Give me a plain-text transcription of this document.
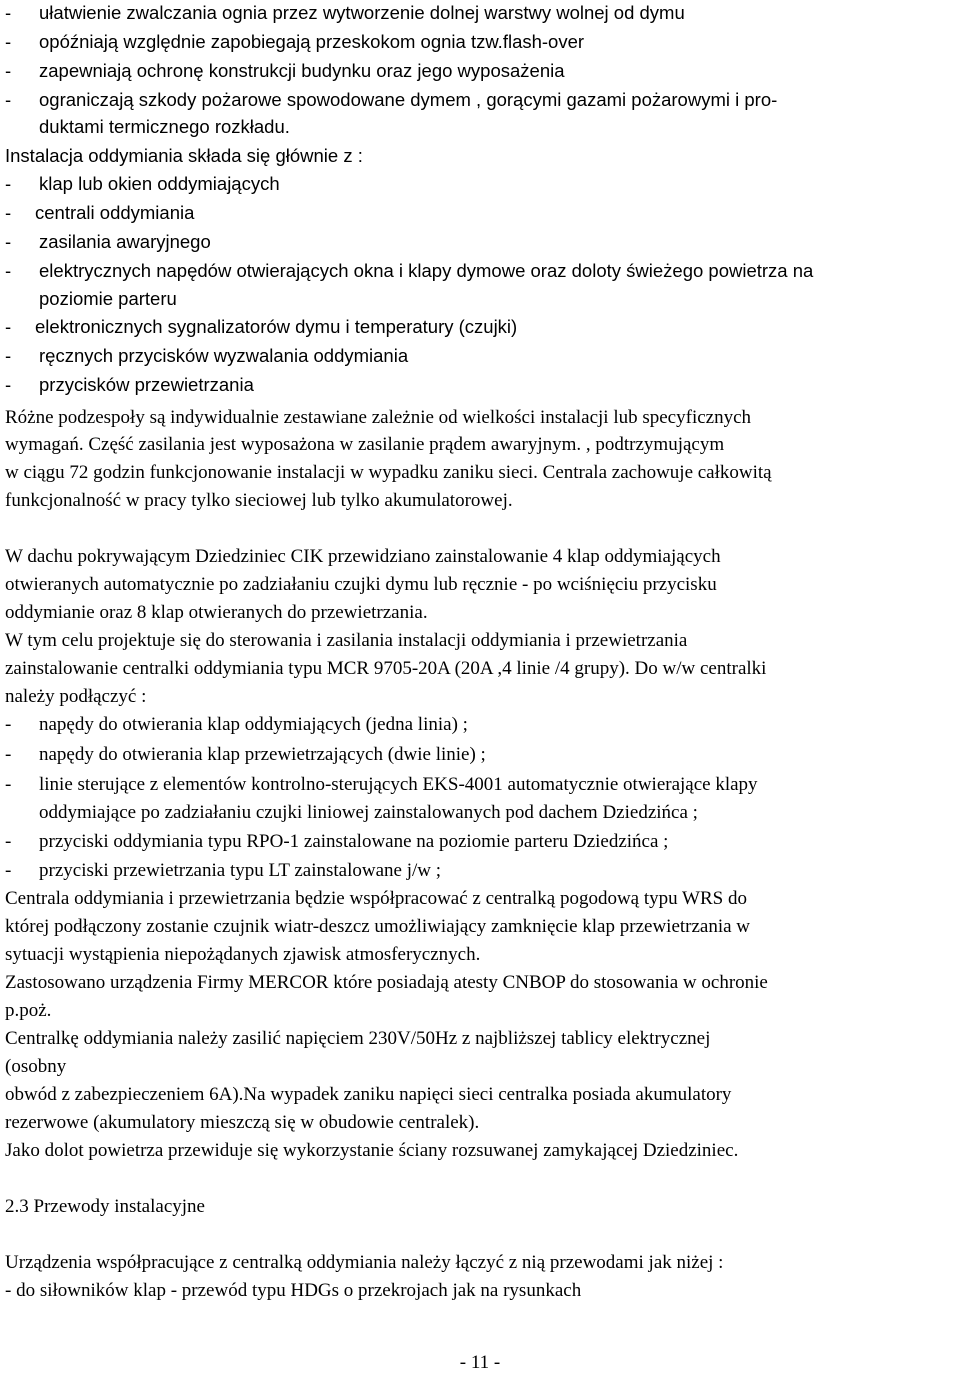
- ułatwienie zwalczania ognia przez wytworzenie dolnej warstwy wolnej od dymu
- opóźniają względnie zapobiegają przeskokom ognia tzw.flash-over
- zapewniają ochronę konstrukcji budynku oraz jego wyposażenia
- ograniczają szkody pożarowe spowodowane dymem , gorącymi gazami pożarowymi i pro-
duktami termicznego rozkładu.
Instalacja oddymiania składa się głównie z :
- klap lub okien oddymiających
- centrali oddymiania
- zasilania awaryjnego
- elektrycznych napędów otwierających okna i klapy dymowe oraz doloty świeżego powietrza na
poziomie parteru
- elektronicznych sygnalizatorów dymu i temperatury (czujki)
- ręcznych przycisków wyzwalania oddymiania
- przycisków przewietrzania
Różne podzespoły są indywidualnie zestawiane zależnie od wielkości instalacji lub specyficznych
wymagań. Część zasilania jest wyposażona w zasilanie prądem awaryjnym. , podtrzymującym
w ciągu 72 godzin funkcjonowanie instalacji w wypadku zaniku sieci. Centrala zachowuje całkowitą
funkcjonalność w pracy tylko sieciowej lub tylko akumulatorowej.
W dachu pokrywającym Dziedziniec CIK przewidziano zainstalowanie 4 klap oddymiających
otwieranych automatycznie po zadziałaniu czujki dymu lub ręcznie - po wciśnięciu przycisku
oddymianie oraz 8 klap otwieranych do przewietrzania.
W tym celu projektuje się do sterowania i zasilania instalacji oddymiania i przewietrzania
zainstalowanie centralki oddymiania typu MCR 9705-20A (20A ,4 linie /4 grupy). Do w/w centralki
należy podłączyć :
- napędy do otwierania klap oddymiających (jedna linia) ;
- napędy do otwierania klap przewietrzających (dwie linie) ;
- linie sterujące z elementów kontrolno-sterujących EKS-4001 automatycznie otwierające klapy
oddymiające po zadziałaniu czujki liniowej zainstalowanych pod dachem Dziedzińca ;
- przyciski oddymiania typu RPO-1 zainstalowane na poziomie parteru Dziedzińca ;
- przyciski przewietrzania typu LT zainstalowane j/w ;
Centrala oddymiania i przewietrzania będzie współpracować z centralką pogodową typu WRS do
której podłączony zostanie czujnik wiatr-deszcz umożliwiający zamknięcie klap przewietrzania w
sytuacji wystąpienia niepożądanych zjawisk atmosferycznych.
Zastosowano urządzenia Firmy MERCOR które posiadają atesty CNBOP do stosowania w ochronie
p.poż.
Centralkę oddymiania należy zasilić napięciem 230V/50Hz z najbliższej tablicy elektrycznej
(osobny
obwód z zabezpieczeniem 6A).Na wypadek zaniku napięci sieci centralka posiada akumulatory
rezerwowe (akumulatory mieszczą się w obudowie centralek).
Jako dolot powietrza przewiduje się wykorzystanie ściany rozsuwanej zamykającej Dziedziniec.
2.3 Przewody instalacyjne
Urządzenia współpracujące z centralką oddymiania należy łączyć z nią przewodami jak niżej :
- do siłowników klap - przewód typu HDGs o przekrojach jak na rysunkach
- 11 -
